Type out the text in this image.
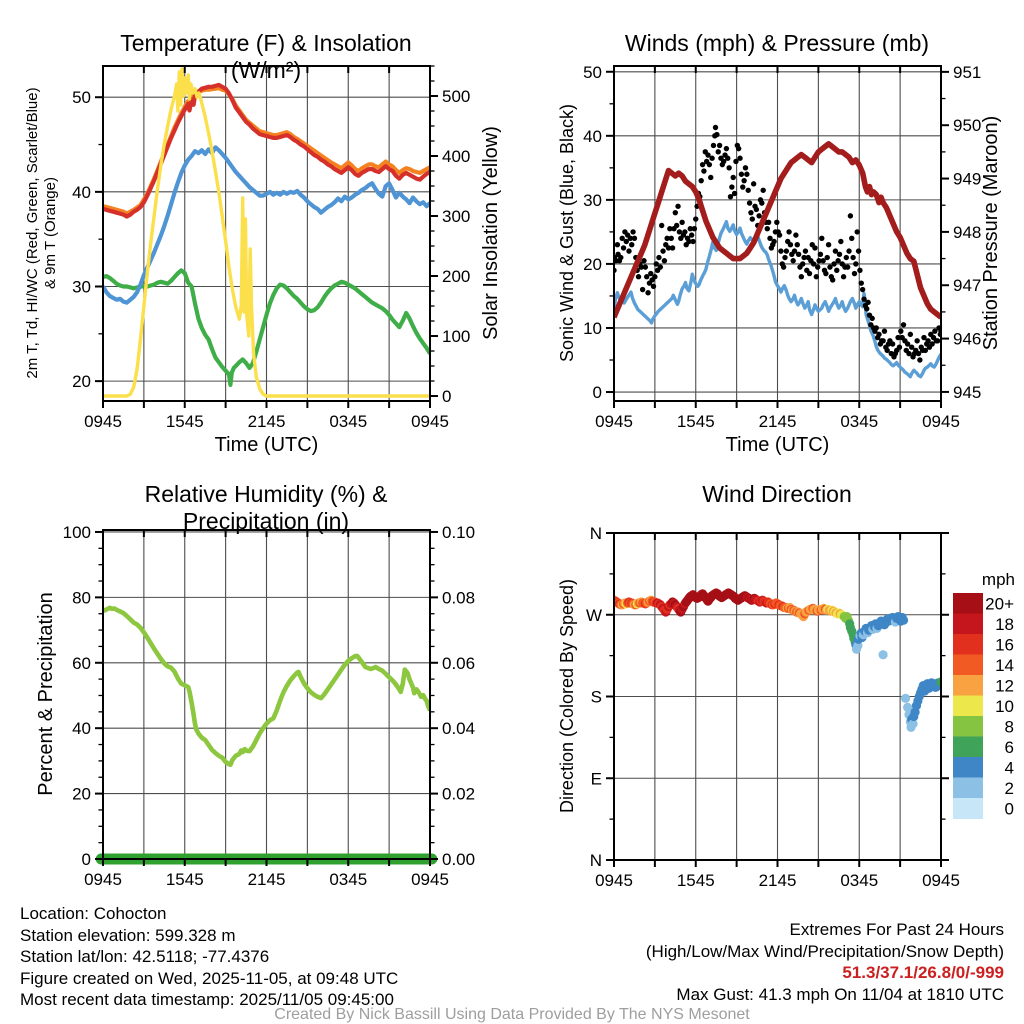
0945	1545	2145	0345	0945
20
30
40
50
0
100
200
300
400
500
0945	1545	2145	0345	0945
0
10
20
30
40
50
945
946
947
948
949
950
951
0945	1545	2145	0345	0945
0
20
40
60
80
100
0.00
0.02
0.04
0.06
0.08
0.10
0945	1545	2145	0345	0945
N
E
S
W
N
mph
20+
18
16
14
12
10
8
6
4
2
0
Temperature (F) & Insolation (W/m²)
Winds (mph) & Pressure (mb)
Relative Humidity (%) & Precipitation (in)
Wind Direction
Time (UTC)	Time (UTC)
2m T, Td, HI/WC (Red, Green, Scarlet/Blue) & 9m T (Orange)	Solar Insolation (Yellow)	Sonic Wind & Gust (Blue, Black)	Station Pressure (Maroon)
Percent & Precipitation	Direction (Colored By Speed)
Location: Cohocton
Station elevation: 599.328 m
Station lat/lon: 42.5118; -77.4376
Figure created on Wed, 2025-11-05, at 09:48 UTC
Most recent data timestamp: 2025/11/05 09:45:00
Extremes For Past 24 Hours
(High/Low/Max Wind/Precipitation/Snow Depth)
51.3/37.1/26.8/0/-999
Max Gust: 41.3 mph On 11/04 at 1810 UTC
Created By Nick Bassill Using Data Provided By The NYS Mesonet
